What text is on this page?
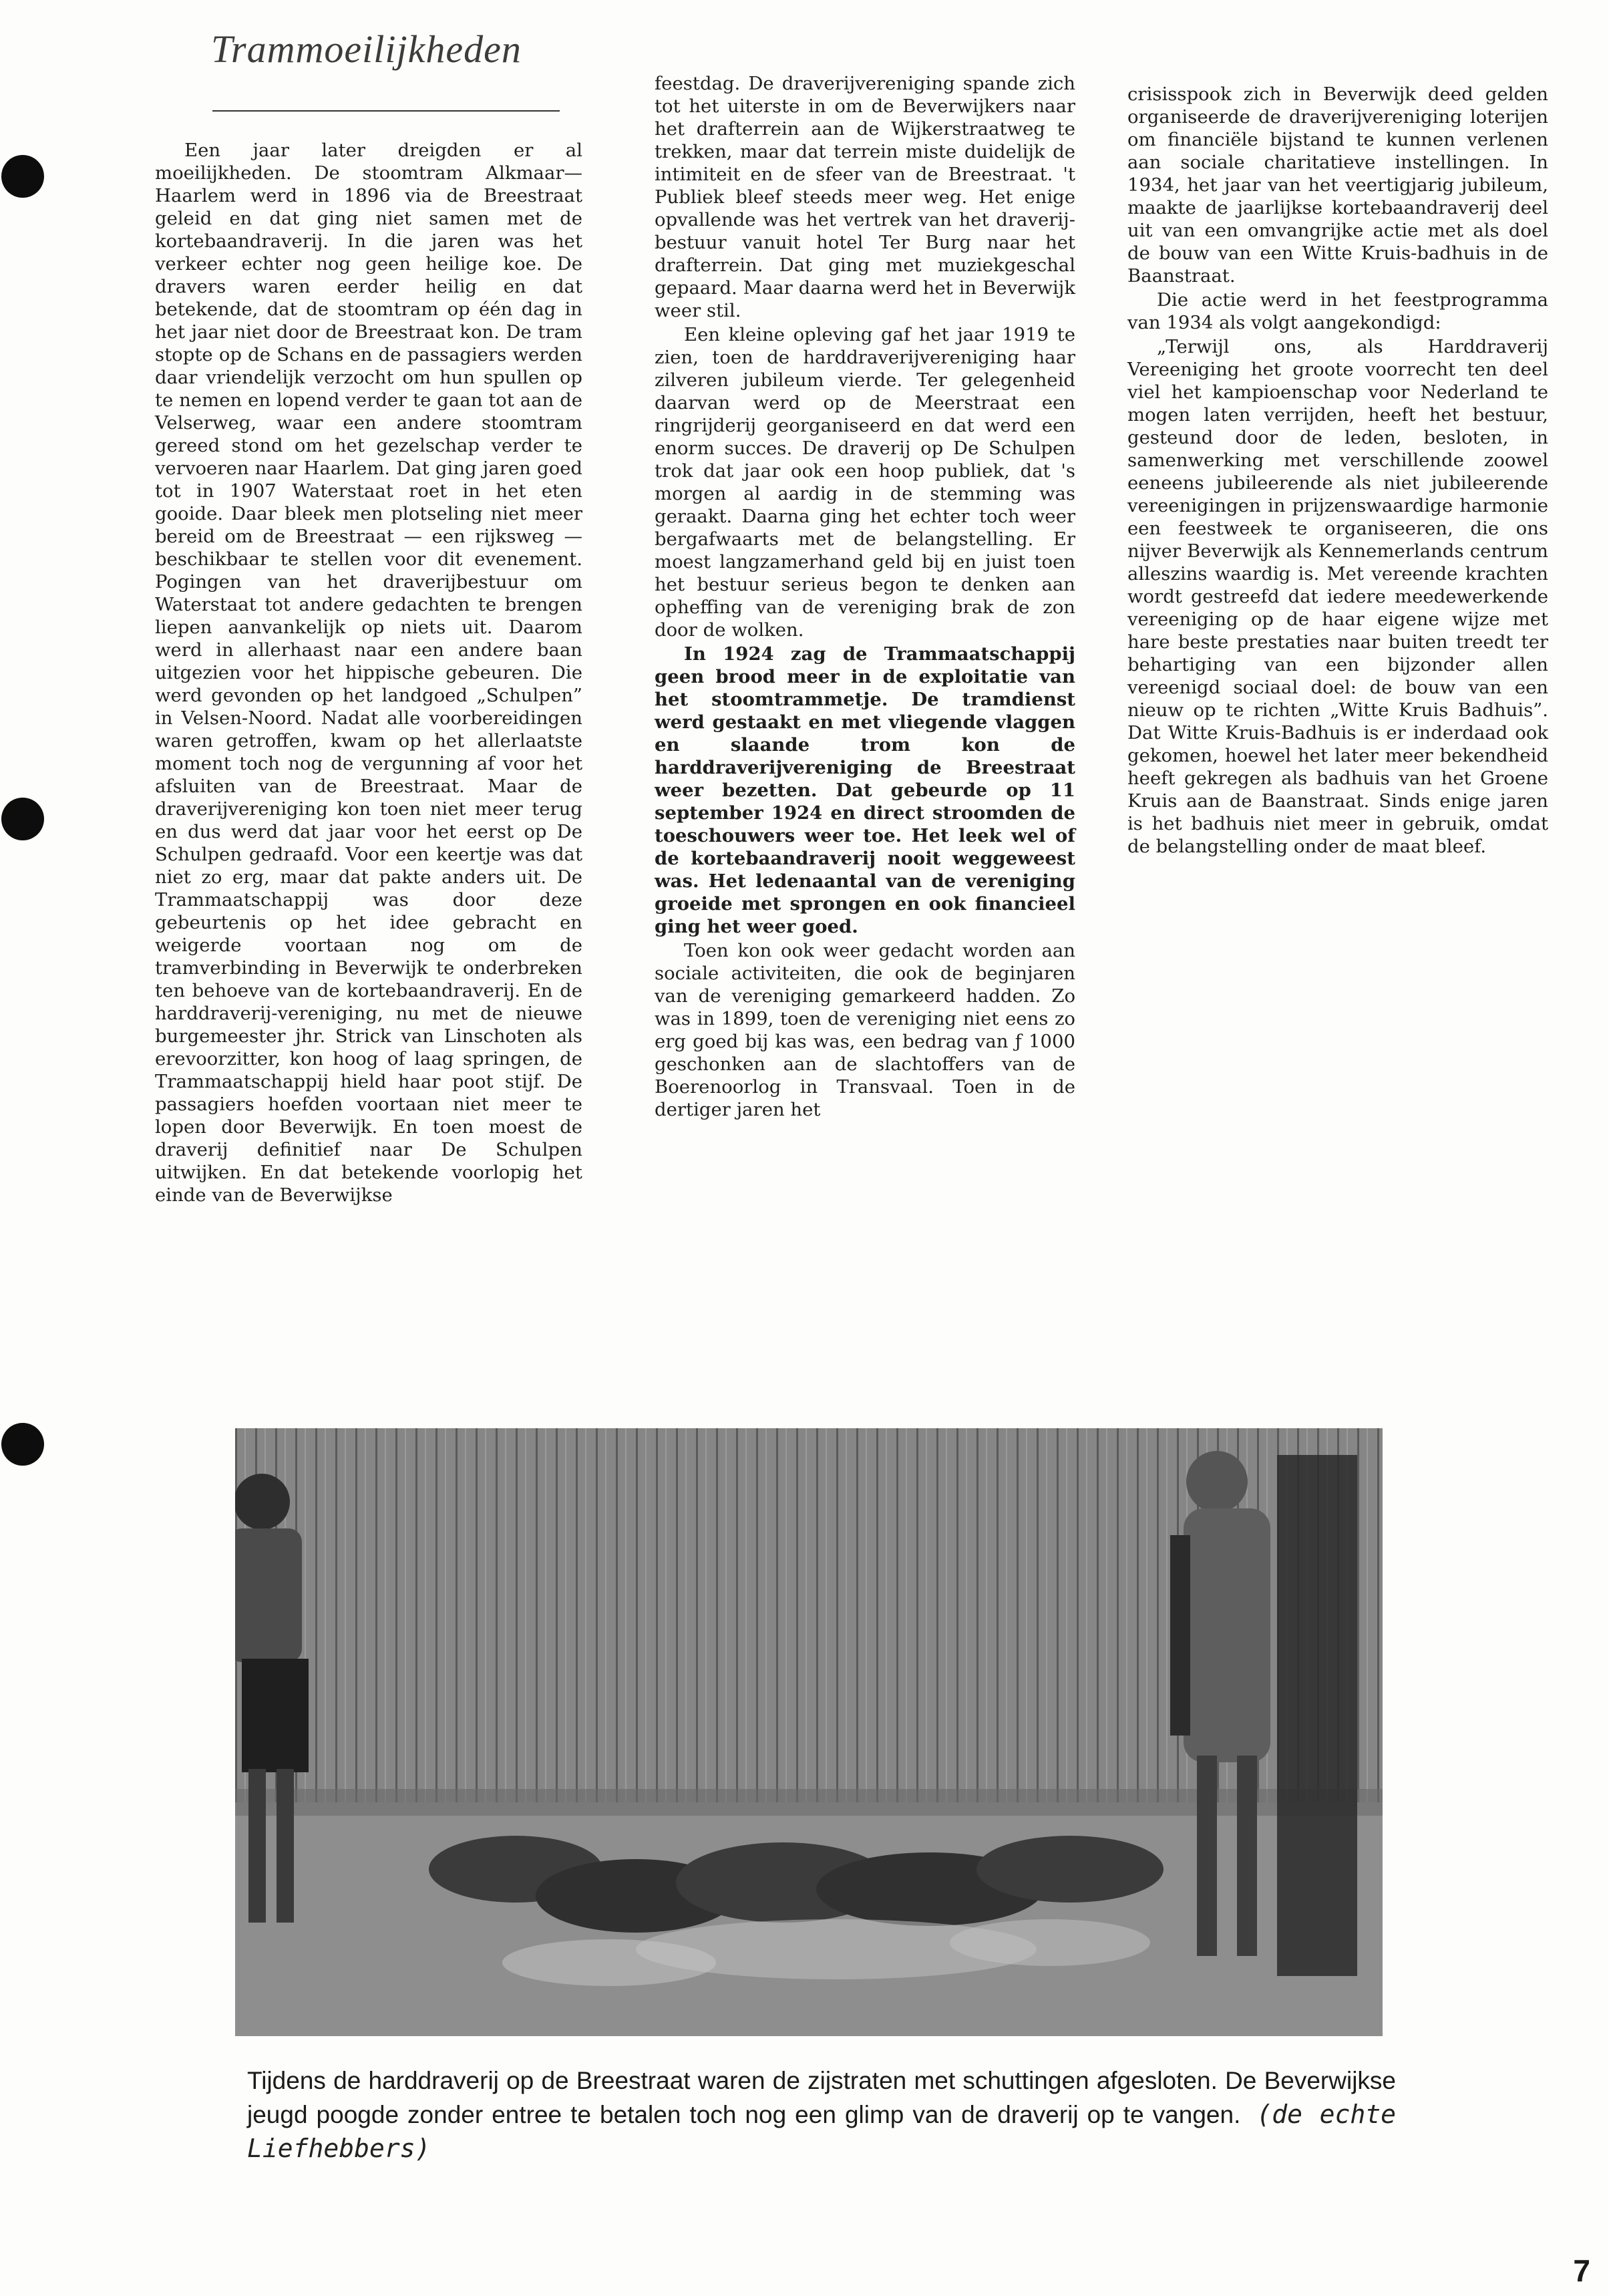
Trammoeilijkheden

Een jaar later dreigden er al moeilijkheden. De stoomtram Alkmaar—Haarlem werd in 1896 via de Breestraat geleid en dat ging niet samen met de kortebaandraverij. In die jaren was het verkeer echter nog geen heilige koe. De dravers waren eerder heilig en dat betekende, dat de stoomtram op één dag in het jaar niet door de Breestraat kon. De tram stopte op de Schans en de passagiers werden daar vriendelijk verzocht om hun spullen op te nemen en lopend verder te gaan tot aan de Velserweg, waar een andere stoomtram gereed stond om het gezelschap verder te vervoeren naar Haarlem. Dat ging jaren goed tot in 1907 Waterstaat roet in het eten gooide. Daar bleek men plotseling niet meer bereid om de Breestraat — een rijksweg — beschikbaar te stellen voor dit evenement. Pogingen van het draverijbestuur om Waterstaat tot andere gedachten te brengen liepen aanvankelijk op niets uit. Daarom werd in allerhaast naar een andere baan uitgezien voor het hippische gebeuren. Die werd gevonden op het landgoed „Schulpen” in Velsen-Noord. Nadat alle voorbereidingen waren getroffen, kwam op het allerlaatste moment toch nog de vergunning af voor het afsluiten van de Breestraat. Maar de draverijvereniging kon toen niet meer terug en dus werd dat jaar voor het eerst op De Schulpen gedraafd. Voor een keertje was dat niet zo erg, maar dat pakte anders uit. De Trammaatschappij was door deze gebeurtenis op het idee gebracht en weigerde voortaan nog om de tramverbinding in Beverwijk te onderbreken ten behoeve van de kortebaandraverij. En de harddraverij-vereniging, nu met de nieuwe burgemeester jhr. Strick van Linschoten als erevoorzitter, kon hoog of laag springen, de Trammaatschappij hield haar poot stijf. De passagiers hoefden voortaan niet meer te lopen door Beverwijk. En toen moest de draverij definitief naar De Schulpen uitwijken. En dat betekende voorlopig het einde van de Beverwijkse

feestdag. De draverijvereniging spande zich tot het uiterste in om de Beverwijkers naar het drafterrein aan de Wijkerstraatweg te trekken, maar dat terrein miste duidelijk de intimiteit en de sfeer van de Breestraat. 't Publiek bleef steeds meer weg. Het enige opvallende was het vertrek van het draverij-bestuur vanuit hotel Ter Burg naar het drafterrein. Dat ging met muziekgeschal gepaard. Maar daarna werd het in Beverwijk weer stil.

Een kleine opleving gaf het jaar 1919 te zien, toen de harddraverijvereniging haar zilveren jubileum vierde. Ter gelegenheid daarvan werd op de Meerstraat een ringrijderij georganiseerd en dat werd een enorm succes. De draverij op De Schulpen trok dat jaar ook een hoop publiek, dat 's morgen al aardig in de stemming was geraakt. Daarna ging het echter toch weer bergafwaarts met de belangstelling. Er moest langzamerhand geld bij en juist toen het bestuur serieus begon te denken aan opheffing van de vereniging brak de zon door de wolken.

In 1924 zag de Trammaatschappij geen brood meer in de exploitatie van het stoomtrammetje. De tramdienst werd gestaakt en met vliegende vlaggen en slaande trom kon de harddraverijvereniging de Breestraat weer bezetten. Dat gebeurde op 11 september 1924 en direct stroomden de toeschouwers weer toe. Het leek wel of de kortebaandraverij nooit weggeweest was. Het ledenaantal van de vereniging groeide met sprongen en ook financieel ging het weer goed.

Toen kon ook weer gedacht worden aan sociale activiteiten, die ook de beginjaren van de vereniging gemarkeerd hadden. Zo was in 1899, toen de vereniging niet eens zo erg goed bij kas was, een bedrag van ƒ 1000 geschonken aan de slachtoffers van de Boerenoorlog in Transvaal. Toen in de dertiger jaren het

crisisspook zich in Beverwijk deed gelden organiseerde de draverijvereniging loterijen om financiële bijstand te kunnen verlenen aan sociale charitatieve instellingen. In 1934, het jaar van het veertigjarig jubileum, maakte de jaarlijkse kortebaandraverij deel uit van een omvangrijke actie met als doel de bouw van een Witte Kruis-badhuis in de Baanstraat.

Die actie werd in het feestprogramma van 1934 als volgt aangekondigd:

„Terwijl ons, als Harddraverij Vereeniging het groote voorrecht ten deel viel het kampioenschap voor Nederland te mogen laten verrijden, heeft het bestuur, gesteund door de leden, besloten, in samenwerking met verschillende zoowel eeneens jubileerende als niet jubileerende vereenigingen in prijzenswaardige harmonie een feestweek te organiseeren, die ons nijver Beverwijk als Kennemerlands centrum alleszins waardig is. Met vereende krachten wordt gestreefd dat iedere meedewerkende vereeniging op de haar eigene wijze met hare beste prestaties naar buiten treedt ter behartiging van een bijzonder allen vereenigd sociaal doel: de bouw van een nieuw op te richten „Witte Kruis Badhuis”. Dat Witte Kruis-Badhuis is er inderdaad ook gekomen, hoewel het later meer bekendheid heeft gekregen als badhuis van het Groene Kruis aan de Baanstraat. Sinds enige jaren is het badhuis niet meer in gebruik, omdat de belangstelling onder de maat bleef.

Tijdens de harddraverij op de Breestraat waren de zijstraten met schuttingen afgesloten. De Beverwijkse jeugd poogde zonder entree te betalen toch nog een glimp van de draverij op te vangen. (de echte Liefhebbers)

7
